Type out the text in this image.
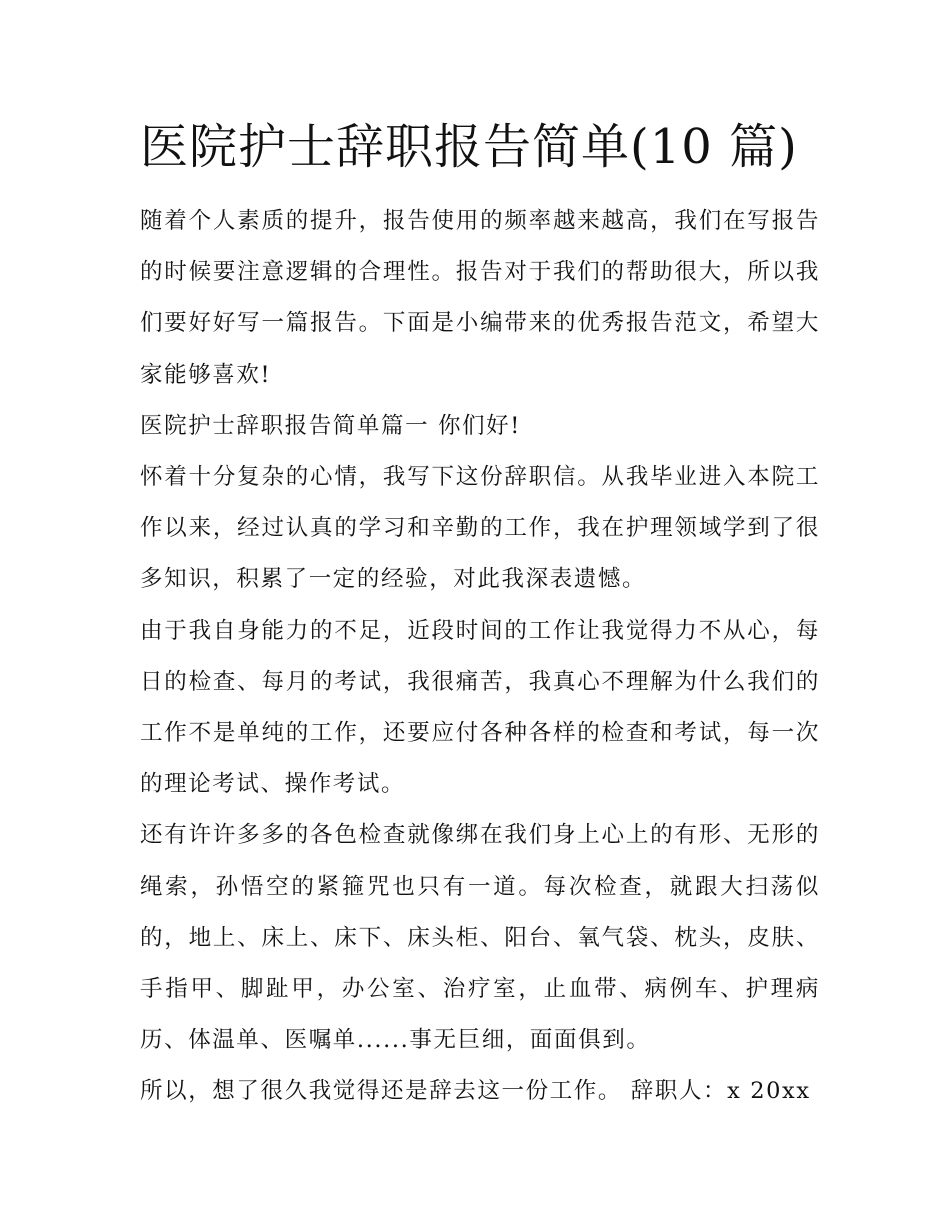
医院护士辞职报告简单(10 篇)

随着个人素质的提升，报告使用的频率越来越高，我们在写报告的时候要注意逻辑的合理性。报告对于我们的帮助很大，所以我们要好好写一篇报告。下面是小编带来的优秀报告范文，希望大家能够喜欢!

医院护士辞职报告简单篇一 你们好!

怀着十分复杂的心情，我写下这份辞职信。从我毕业进入本院工作以来，经过认真的学习和辛勤的工作，我在护理领域学到了很多知识，积累了一定的经验，对此我深表遗憾。

由于我自身能力的不足，近段时间的工作让我觉得力不从心，每日的检查、每月的考试，我很痛苦，我真心不理解为什么我们的工作不是单纯的工作，还要应付各种各样的检查和考试，每一次的理论考试、操作考试。

还有许许多多的各色检查就像绑在我们身上心上的有形、无形的绳索，孙悟空的紧箍咒也只有一道。每次检查，就跟大扫荡似的，地上、床上、床下、床头柜、阳台、氧气袋、枕头，皮肤、手指甲、脚趾甲，办公室、治疗室，止血带、病例车、护理病历、体温单、医嘱单......事无巨细，面面俱到。

所以，想了很久我觉得还是辞去这一份工作。 辞职人：x 20xx
